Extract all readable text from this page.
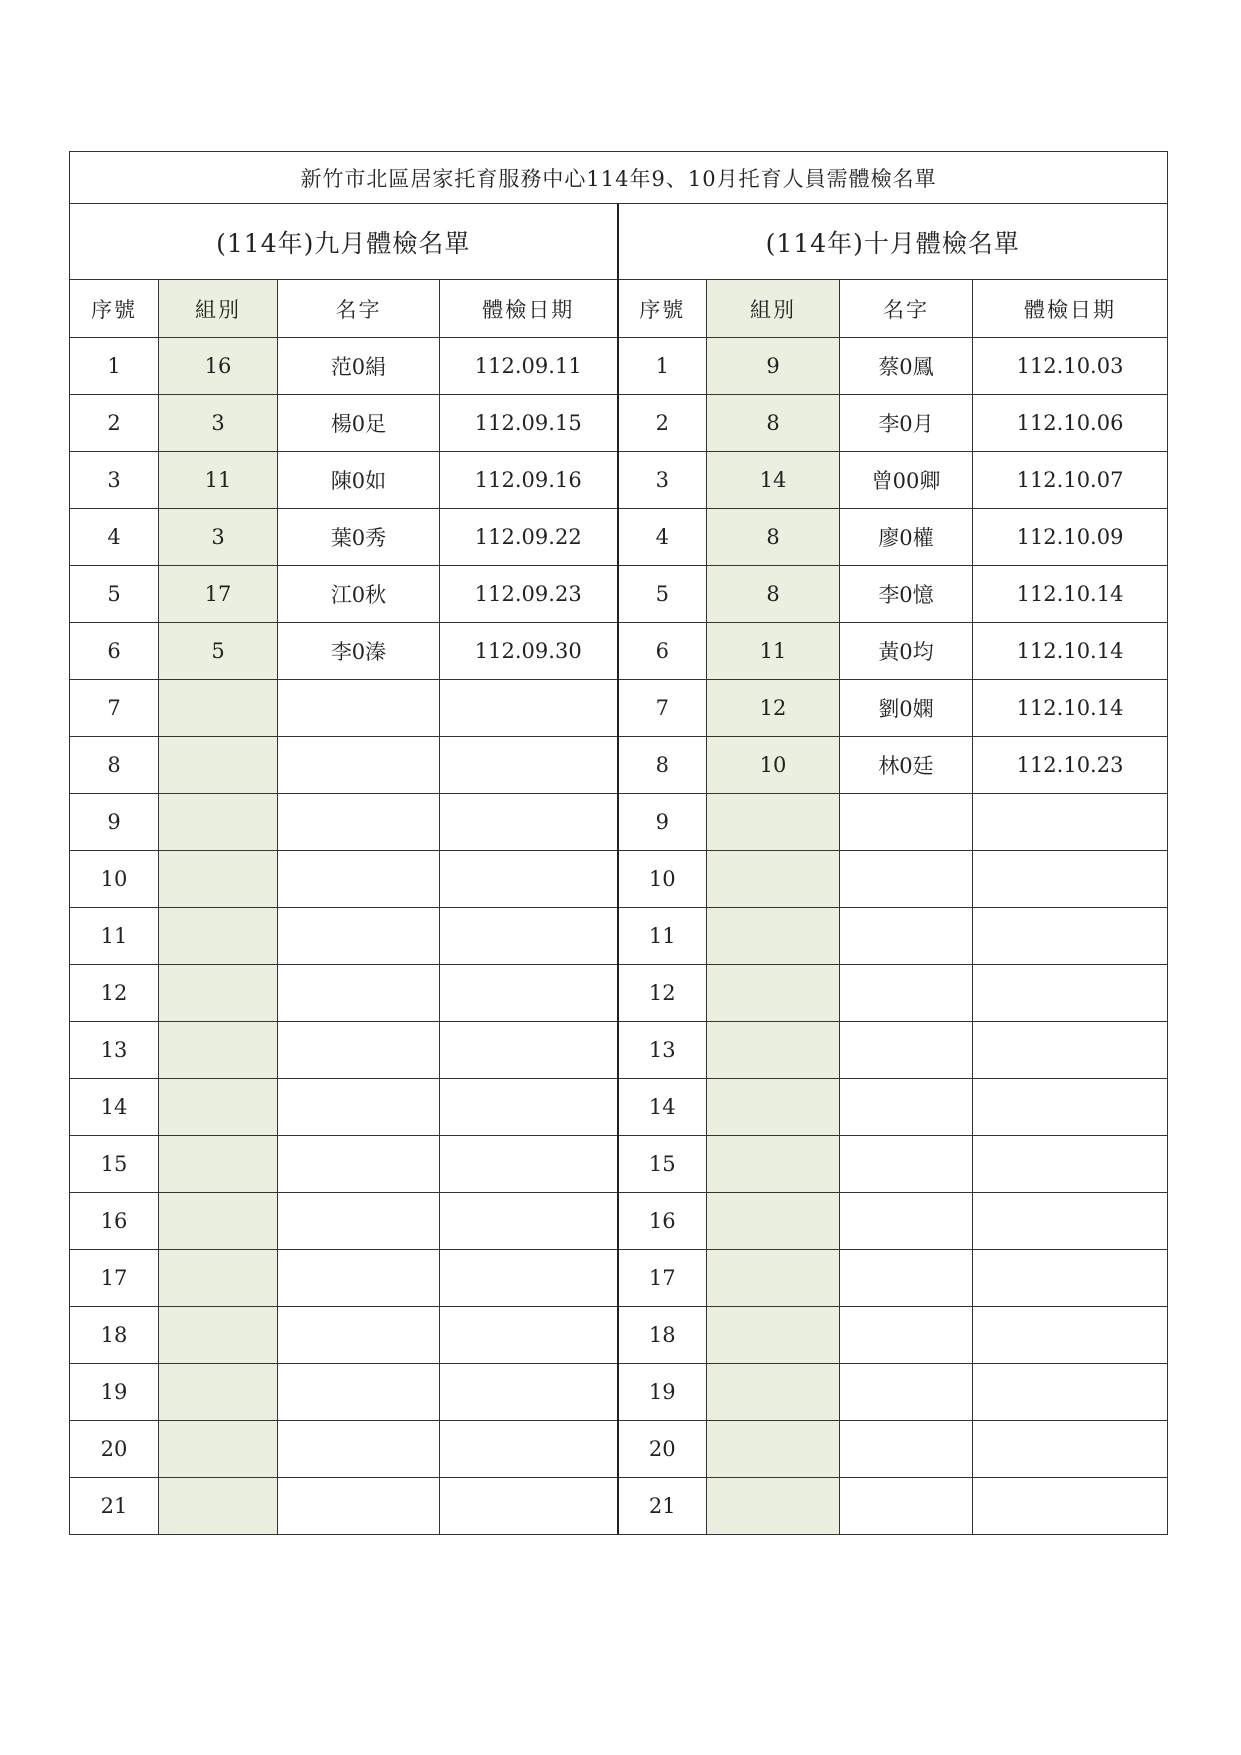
新竹市北區居家托育服務中心114年9、10月托育人員需體檢名單							
(114年)九月體檢名單				(114年)十月體檢名單			
序號	組別	名字	體檢日期	序號	組別	名字	體檢日期
1	16	范0絹	112.09.11	1	9	蔡0鳳	112.10.03
2	3	楊0足	112.09.15	2	8	李0月	112.10.06
3	11	陳0如	112.09.16	3	14	曾00卿	112.10.07
4	3	葉0秀	112.09.22	4	8	廖0權	112.10.09
5	17	江0秋	112.09.23	5	8	李0憶	112.10.14
6	5	李0溱	112.09.30	6	11	黃0均	112.10.14
7				7	12	劉0嫻	112.10.14
8				8	10	林0廷	112.10.23
9				9			
10				10			
11				11			
12				12			
13				13			
14				14			
15				15			
16				16			
17				17			
18				18			
19				19			
20				20			
21				21			
